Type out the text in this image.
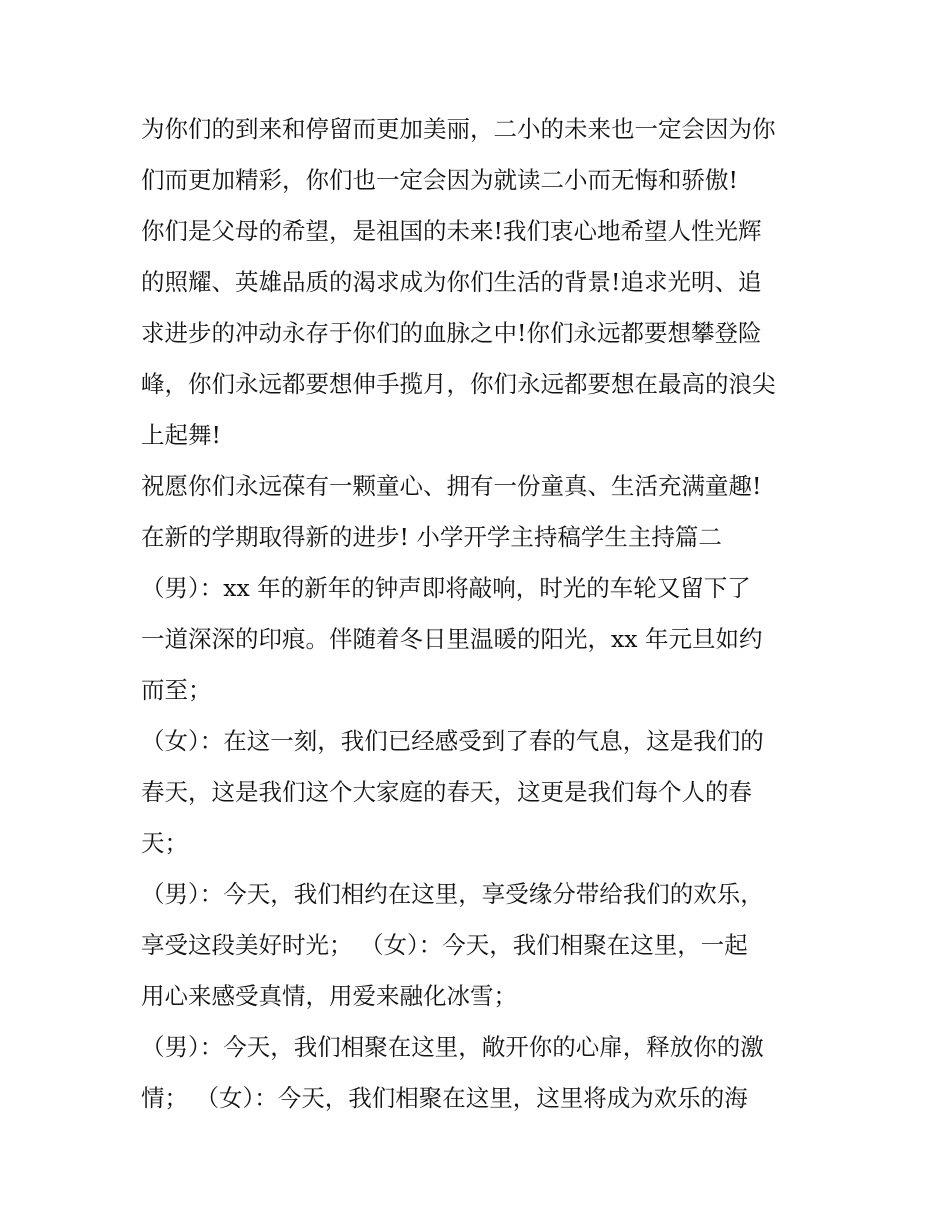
为你们的到来和停留而更加美丽，二小的未来也一定会因为你
们而更加精彩，你们也一定会因为就读二小而无悔和骄傲!
你们是父母的希望，是祖国的未来!我们衷心地希望人性光辉
的照耀、英雄品质的渴求成为你们生活的背景!追求光明、追
求进步的冲动永存于你们的血脉之中!你们永远都要想攀登险
峰，你们永远都要想伸手揽月，你们永远都要想在最高的浪尖
上起舞!
祝愿你们永远葆有一颗童心、拥有一份童真、生活充满童趣!
在新的学期取得新的进步! 小学开学主持稿学生主持篇二
（男）：xx 年的新年的钟声即将敲响，时光的车轮又留下了
一道深深的印痕。伴随着冬日里温暖的阳光，xx 年元旦如约
而至；
（女）：在这一刻，我们已经感受到了春的气息，这是我们的
春天，这是我们这个大家庭的春天，这更是我们每个人的春
天；
（男）：今天，我们相约在这里，享受缘分带给我们的欢乐，
享受这段美好时光； （女）：今天，我们相聚在这里，一起
用心来感受真情，用爱来融化冰雪；
（男）：今天，我们相聚在这里，敞开你的心扉，释放你的激
情； （女）：今天，我们相聚在这里，这里将成为欢乐的海
